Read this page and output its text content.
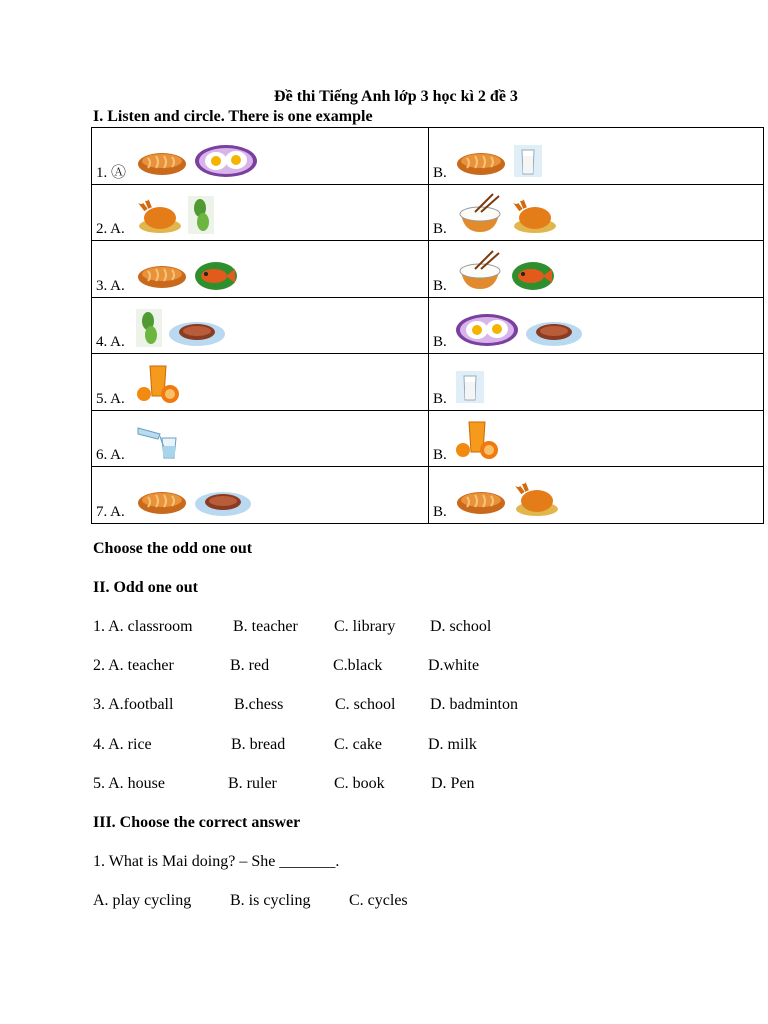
Đề thi Tiếng Anh lớp 3 học kì 2 đề 3
I. Listen and circle. There is one example
1. Ⓐ	B.

2. A.	B.

3. A.	B.

4. A.	B.

5. A.	B.

6. A.	B.

7. A.	B.
Choose the odd one out
II. Odd one out
1. A. classroom	B. teacher C. library D. school
2. A. teacher	B. red	C.black	D.white
3. A.football	B.chess	C. school D. badminton
4. A. rice	B. bread	C. cake	D. milk
5. A. house	B. ruler	C. book	D. Pen
III. Choose the correct answer
1. What is Mai doing? – She _______.
A. play cycling B. is cycling C. cycles
